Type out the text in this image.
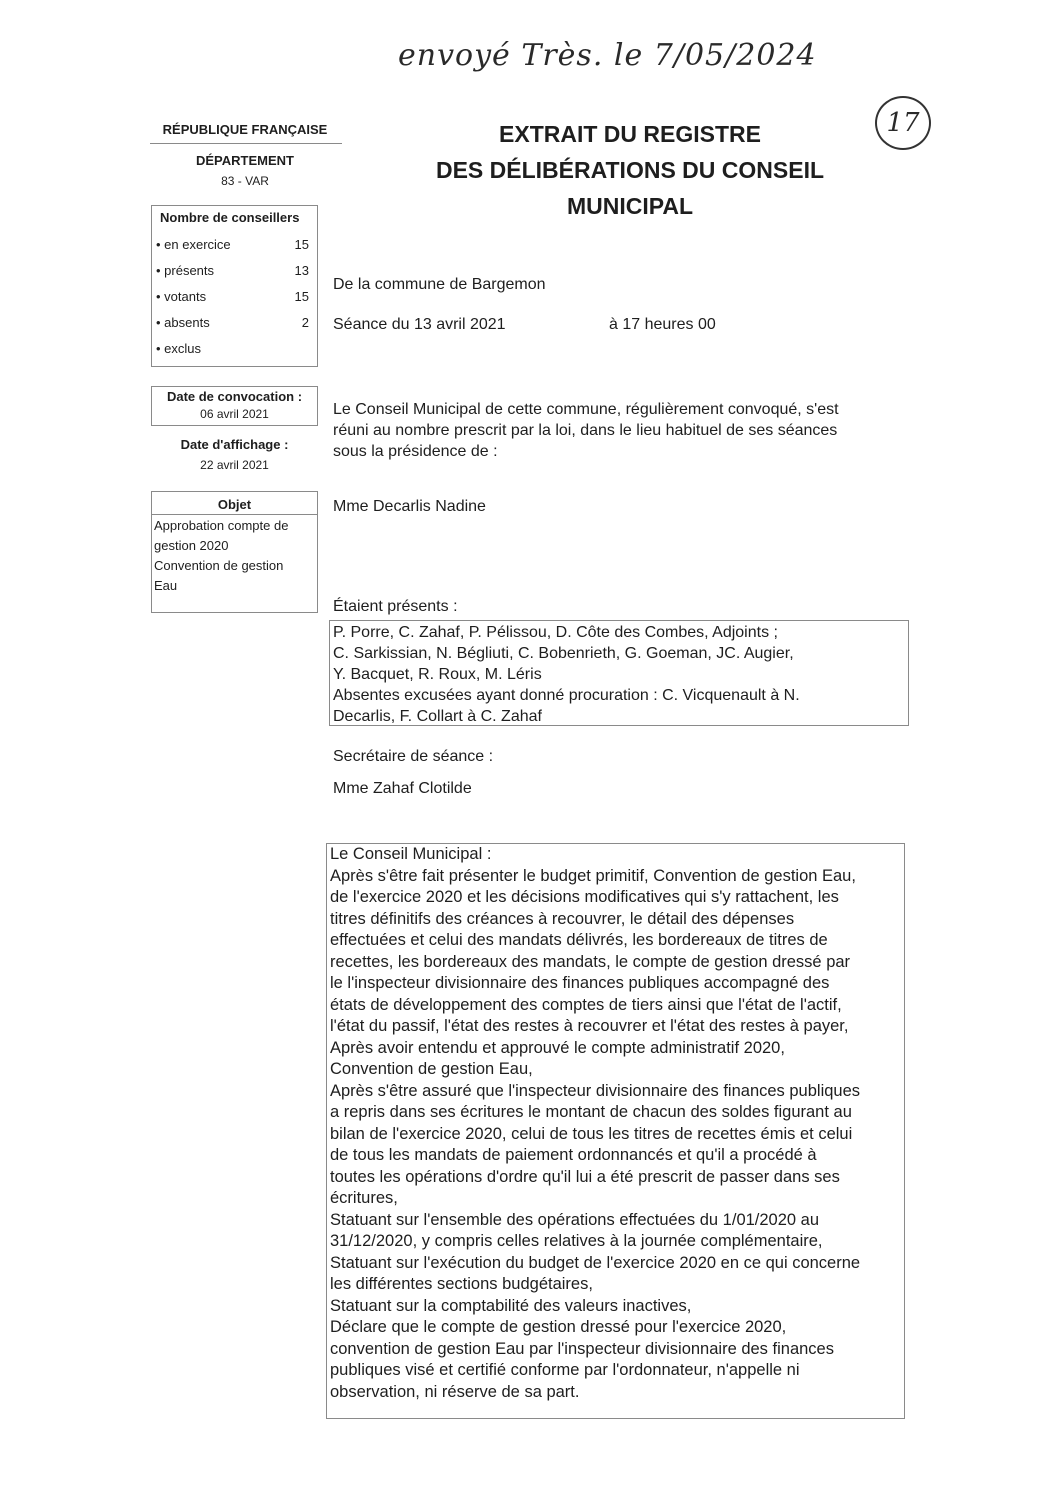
envoyé Très. le 7/05/2024
17
RÉPUBLIQUE FRANÇAISE
DÉPARTEMENT
83 - VAR
EXTRAIT DU REGISTRE
DES DÉLIBÉRATIONS DU CONSEIL
MUNICIPAL
Nombre de conseillers
• en exercice	15
• présents	13
• votants	15
• absents	2
• exclus
De la commune de Bargemon
Séance du 13 avril 2021	à 17 heures 00
Date de convocation :
06 avril 2021
Date d'affichage :
22 avril 2021
Le Conseil Municipal de cette commune, régulièrement convoqué, s'est
réuni au nombre prescrit par la loi, dans le lieu habituel de ses séances
sous la présidence de :
Mme Decarlis Nadine
Objet
Approbation compte de
gestion 2020
Convention de gestion
Eau
Étaient présents :
P. Porre, C. Zahaf, P. Pélissou, D. Côte des Combes, Adjoints ;
C. Sarkissian, N. Bégliuti, C. Bobenrieth, G. Goeman, JC. Augier,
Y. Bacquet, R. Roux, M. Léris
Absentes excusées ayant donné procuration : C. Vicquenault à N.
Decarlis, F. Collart à C. Zahaf
Secrétaire de séance :
Mme Zahaf Clotilde
Le Conseil Municipal :
Après s'être fait présenter le budget primitif, Convention de gestion Eau,
de l'exercice 2020 et les décisions modificatives qui s'y rattachent, les
titres définitifs des créances à recouvrer, le détail des dépenses
effectuées et celui des mandats délivrés, les bordereaux de titres de
recettes, les bordereaux des mandats, le compte de gestion dressé par
le l'inspecteur divisionnaire des finances publiques accompagné des
états de développement des comptes de tiers ainsi que l'état de l'actif,
l'état du passif, l'état des restes à recouvrer et l'état des restes à payer,
Après avoir entendu et approuvé le compte administratif 2020,
Convention de gestion Eau,
Après s'être assuré que l'inspecteur divisionnaire des finances publiques
a repris dans ses écritures le montant de chacun des soldes figurant au
bilan de l'exercice 2020, celui de tous les titres de recettes émis et celui
de tous les mandats de paiement ordonnancés et qu'il a procédé à
toutes les opérations d'ordre qu'il lui a été prescrit de passer dans ses
écritures,
Statuant sur l'ensemble des opérations effectuées du 1/01/2020 au
31/12/2020, y compris celles relatives à la journée complémentaire,
Statuant sur l'exécution du budget de l'exercice 2020 en ce qui concerne
les différentes sections budgétaires,
Statuant sur la comptabilité des valeurs inactives,
Déclare que le compte de gestion dressé pour l'exercice 2020,
convention de gestion Eau par l'inspecteur divisionnaire des finances
publiques visé et certifié conforme par l'ordonnateur, n'appelle ni
observation, ni réserve de sa part.
